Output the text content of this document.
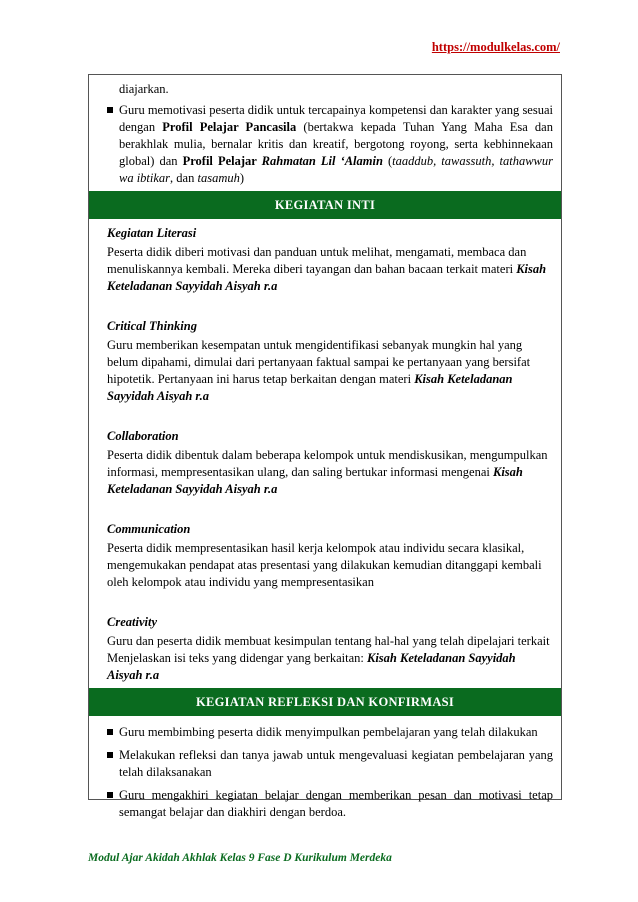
https://modulkelas.com/
diajarkan.
Guru memotivasi peserta didik untuk tercapainya kompetensi dan karakter yang sesuai dengan Profil Pelajar Pancasila (bertakwa kepada Tuhan Yang Maha Esa dan berakhlak mulia, bernalar kritis dan kreatif, bergotong royong, serta kebhinnekaan global) dan Profil Pelajar Rahmatan Lil ‘Alamin (taaddub, tawassuth, tathawwur wa ibtikar, dan tasamuh)
KEGIATAN INTI
Kegiatan Literasi

Peserta didik diberi motivasi dan panduan untuk melihat, mengamati, membaca dan menuliskannya kembali. Mereka diberi tayangan dan bahan bacaan terkait materi Kisah Keteladanan Sayyidah Aisyah r.a

Critical Thinking

Guru memberikan kesempatan untuk mengidentifikasi sebanyak mungkin hal yang belum dipahami, dimulai dari pertanyaan faktual sampai ke pertanyaan yang bersifat hipotetik. Pertanyaan ini harus tetap berkaitan dengan materi Kisah Keteladanan Sayyidah Aisyah r.a

Collaboration

Peserta didik dibentuk dalam beberapa kelompok untuk mendiskusikan, mengumpulkan informasi, mempresentasikan ulang, dan saling bertukar informasi mengenai Kisah Keteladanan Sayyidah Aisyah r.a

Communication

Peserta didik mempresentasikan hasil kerja kelompok atau individu secara klasikal, mengemukakan pendapat atas presentasi yang dilakukan kemudian ditanggapi kembali oleh kelompok atau individu yang mempresentasikan

Creativity

Guru dan peserta didik membuat kesimpulan tentang hal-hal yang telah dipelajari terkait Menjelaskan isi teks yang didengar yang berkaitan: Kisah Keteladanan Sayyidah Aisyah r.a

KEGIATAN REFLEKSI DAN KONFIRMASI
Guru membimbing peserta didik menyimpulkan pembelajaran yang telah dilakukan
Melakukan refleksi dan tanya jawab untuk mengevaluasi kegiatan pembelajaran yang telah dilaksanakan
Guru mengakhiri kegiatan belajar dengan memberikan pesan dan motivasi tetap semangat belajar dan diakhiri dengan berdoa.
Modul Ajar Akidah Akhlak Kelas 9 Fase D Kurikulum Merdeka
